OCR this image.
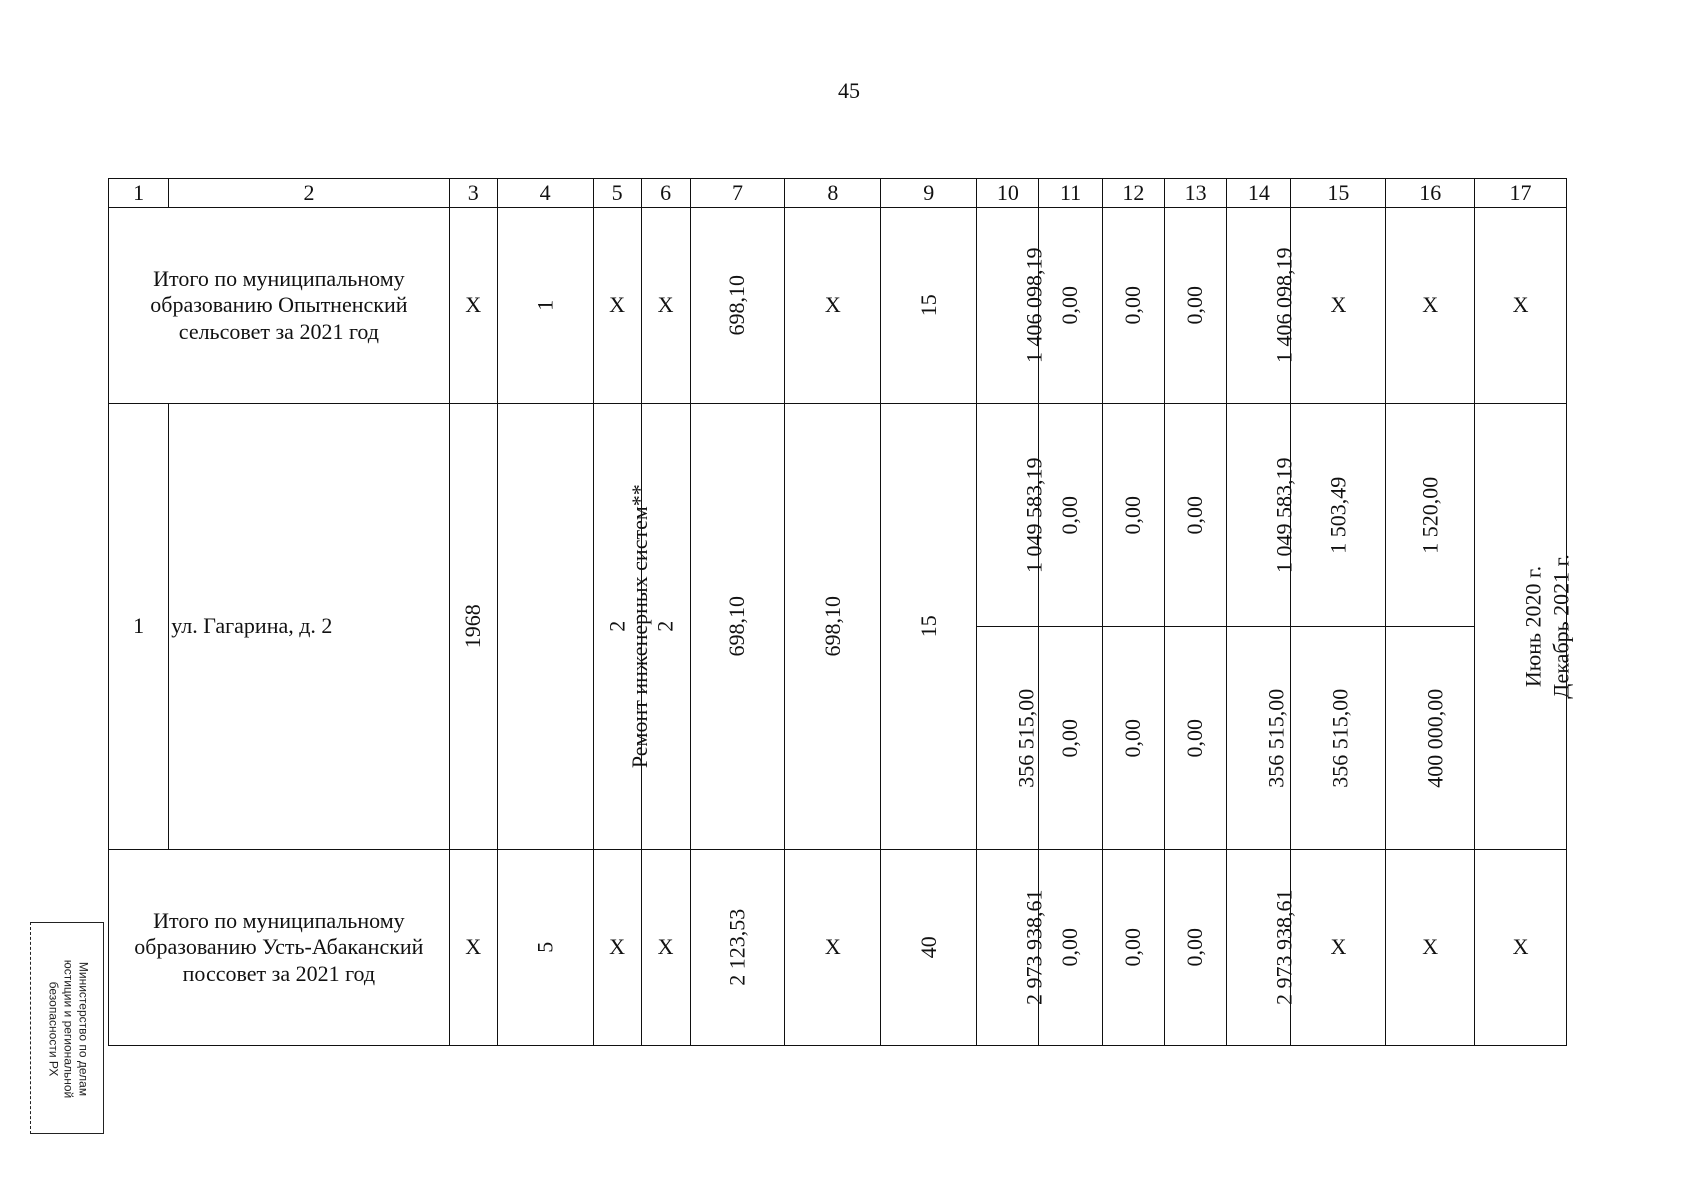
45
1	2	3	4	5	6	7	8	9	10	11	12	13	14	15	16	17
Итого по муниципальному образованию Опытненский сельсовет за 2021 год		Х	1	Х	Х	698,10	Х	15	1 406 098,19	0,00	0,00	0,00	1 406 098,19	Х	Х	Х
1	ул. Гагарина, д. 2	1968	Ремонт инженерных систем**	2	2	698,10	698,10	15	1 049 583,19	0,00	0,00	0,00	1 049 583,19	1 503,49	1 520,00	Июнь 2020 г. Декабрь 2021 г.
									356 515,00	0,00	0,00	0,00	356 515,00	356 515,00	400 000,00	
Итого по муниципальному образованию Усть-Абаканский поссовет за 2021 год		Х	5	Х	Х	2 123,53	Х	40	2 973 938,61	0,00	0,00	0,00	2 973 938,61	Х	Х	Х
Министерство по делам
юстиции и региональной
безопасности РХ
